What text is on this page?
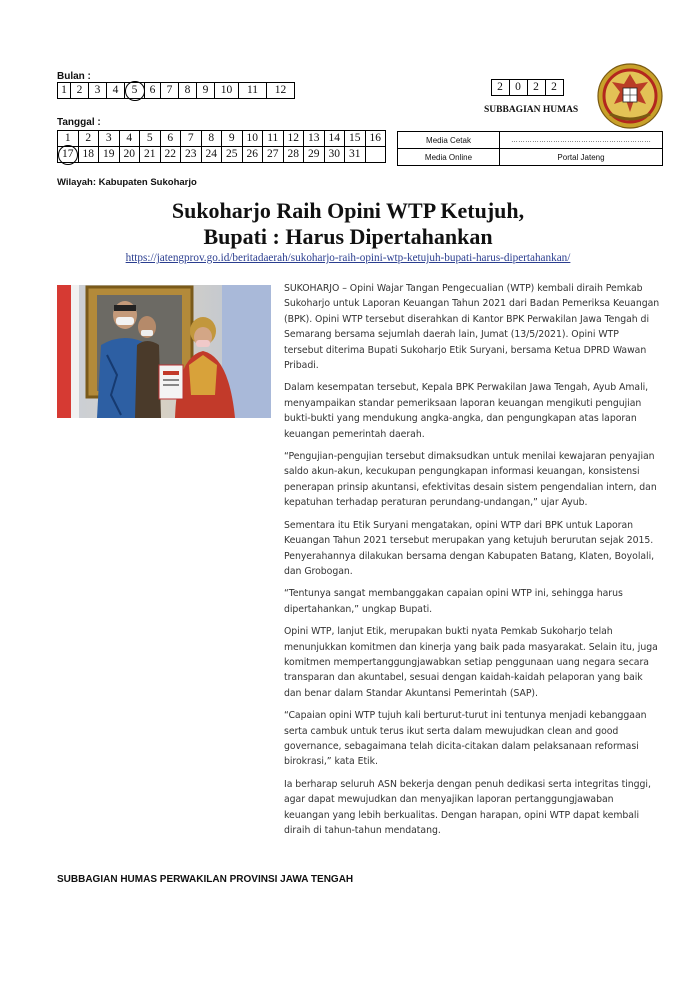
Bulan :
1 2	3	4	5	6 7	8	9	10	11	12	2 0 2 2
SUBBAGIAN HUMAS
Tanggal :
1	2	3	4	5	6	7	8	9	10 11 12 13 14 15 16
17 18 19 20 21 22 23 24 25 26 27 28 29 30 31
Media Cetak	……………………………………………………
Media Online	Portal Jateng
Wilayah: Kabupaten Sukoharjo
Sukoharjo Raih Opini WTP Ketujuh,
Bupati : Harus Dipertahankan
https://jatengprov.go.id/beritadaerah/sukoharjo-raih-opini-wtp-ketujuh-bupati-harus-dipertahankan/

SUKOHARJO – Opini Wajar Tangan Pengecualian (WTP) kembali diraih Pemkab Sukoharjo untuk Laporan Keuangan Tahun 2021 dari Badan Pemeriksa Keuangan (BPK). Opini WTP tersebut diserahkan di Kantor BPK Perwakilan Jawa Tengah di Semarang bersama sejumlah daerah lain, Jumat (13/5/2021). Opini WTP tersebut diterima Bupati Sukoharjo Etik Suryani, bersama Ketua DPRD Wawan Pribadi.

Dalam kesempatan tersebut, Kepala BPK Perwakilan Jawa Tengah, Ayub Amali, menyampaikan standar pemeriksaan laporan keuangan mengikuti pengujian bukti-bukti yang mendukung angka-angka, dan pengungkapan atas laporan keuangan pemerintah daerah.

“Pengujian-pengujian tersebut dimaksudkan untuk menilai kewajaran penyajian saldo akun-akun, kecukupan pengungkapan informasi keuangan, konsistensi penerapan prinsip akuntansi, efektivitas desain sistem pengendalian intern, dan kepatuhan terhadap peraturan perundang-undangan,” ujar Ayub.

Sementara itu Etik Suryani mengatakan, opini WTP dari BPK untuk Laporan Keuangan Tahun 2021 tersebut merupakan yang ketujuh berurutan sejak 2015. Penyerahannya dilakukan bersama dengan Kabupaten Batang, Klaten, Boyolali, dan Grobogan.

“Tentunya sangat membanggakan capaian opini WTP ini, sehingga harus dipertahankan,” ungkap Bupati.

Opini WTP, lanjut Etik, merupakan bukti nyata Pemkab Sukoharjo telah menunjukkan komitmen dan kinerja yang baik pada masyarakat. Selain itu, juga komitmen mempertanggungjawabkan setiap penggunaan uang negara secara transparan dan akuntabel, sesuai dengan kaidah-kaidah pelaporan yang baik dan benar dalam Standar Akuntansi Pemerintah (SAP).

“Capaian opini WTP tujuh kali berturut-turut ini tentunya menjadi kebanggaan serta cambuk untuk terus ikut serta dalam mewujudkan clean and good governance, sebagaimana telah dicita-citakan dalam pelaksanaan reformasi birokrasi,” kata Etik.

Ia berharap seluruh ASN bekerja dengan penuh dedikasi serta integritas tinggi, agar dapat mewujudkan dan menyajikan laporan pertanggungjawaban keuangan yang lebih berkualitas. Dengan harapan, opini WTP dapat kembali diraih di tahun-tahun mendatang.

SUBBAGIAN HUMAS PERWAKILAN PROVINSI JAWA TENGAH
